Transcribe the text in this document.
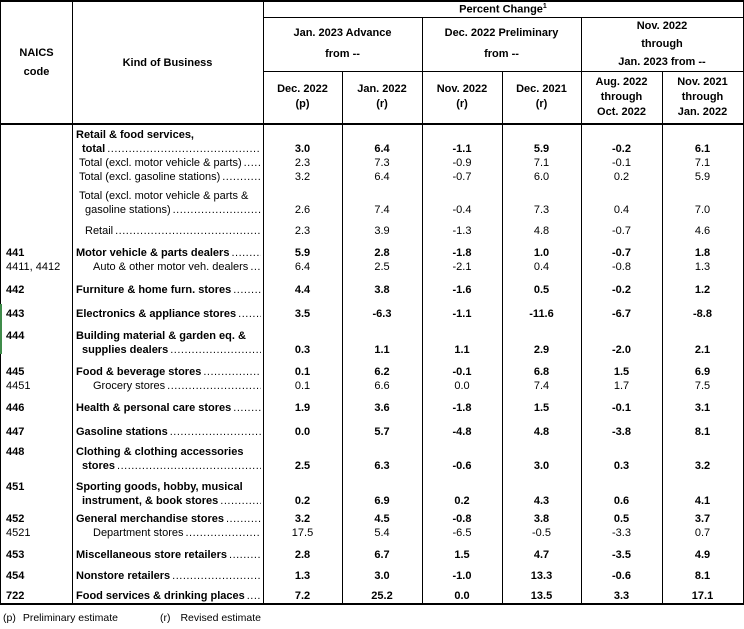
NAICS
code
Kind of Business
Percent Change$^1$
Jan. 2023 Advance
from --
Dec. 2022 Preliminary
from --
Nov. 2022
through
Jan. 2023 from --
Dec. 2022
(p)
Jan. 2022
(r)
Nov. 2022
(r)
Dec. 2021
(r)
Aug. 2022
through
Oct. 2022
Nov. 2021
through
Jan. 2022
Retail & food services,
total .....	3.0	6.4	-1.1	5.9	-0.2	6.1
Total (excl. motor vehicle & parts) .....	2.3	7.3	-0.9	7.1	-0.1	7.1
Total (excl. gasoline stations) .....	3.2	6.4	-0.7	6.0	0.2	5.9
Total (excl. motor vehicle & parts &
gasoline stations) .....	2.6	7.4	-0.4	7.3	0.4	7.0
Retail .....	2.3	3.9	-1.3	4.8	-0.7	4.6
441	Motor vehicle & parts dealers .....	5.9	2.8	-1.8	1.0	-0.7	1.8
4411, 4412	Auto & other motor veh. dealers .....	6.4	2.5	-2.1	0.4	-0.8	1.3
442	Furniture & home furn. stores .....	4.4	3.8	-1.6	0.5	-0.2	1.2
443	Electronics & appliance stores .....	3.5	-6.3	-1.1	-11.6	-6.7	-8.8
444	Building material & garden eq. &
supplies dealers .....	0.3	1.1	1.1	2.9	-2.0	2.1
445	Food & beverage stores .....	0.1	6.2	-0.1	6.8	1.5	6.9
4451	Grocery stores .....	0.1	6.6	0.0	7.4	1.7	7.5
446	Health & personal care stores .....	1.9	3.6	-1.8	1.5	-0.1	3.1
447	Gasoline stations .....	0.0	5.7	-4.8	4.8	-3.8	8.1
448	Clothing & clothing accessories
stores .....	2.5	6.3	-0.6	3.0	0.3	3.2
451	Sporting goods, hobby, musical
instrument, & book stores .....	0.2	6.9	0.2	4.3	0.6	4.1
452	General merchandise stores .....	3.2	4.5	-0.8	3.8	0.5	3.7
4521	Department stores .....	17.5	5.4	-6.5	-0.5	-3.3	0.7
453	Miscellaneous store retailers .....	2.8	6.7	1.5	4.7	-3.5	4.9
454	Nonstore retailers .....	1.3	3.0	-1.0	13.3	-0.6	8.1
722	Food services & drinking places .....	7.2	25.2	0.0	13.5	3.3	17.1
(p) Preliminary estimate	(r) Revised estimate
